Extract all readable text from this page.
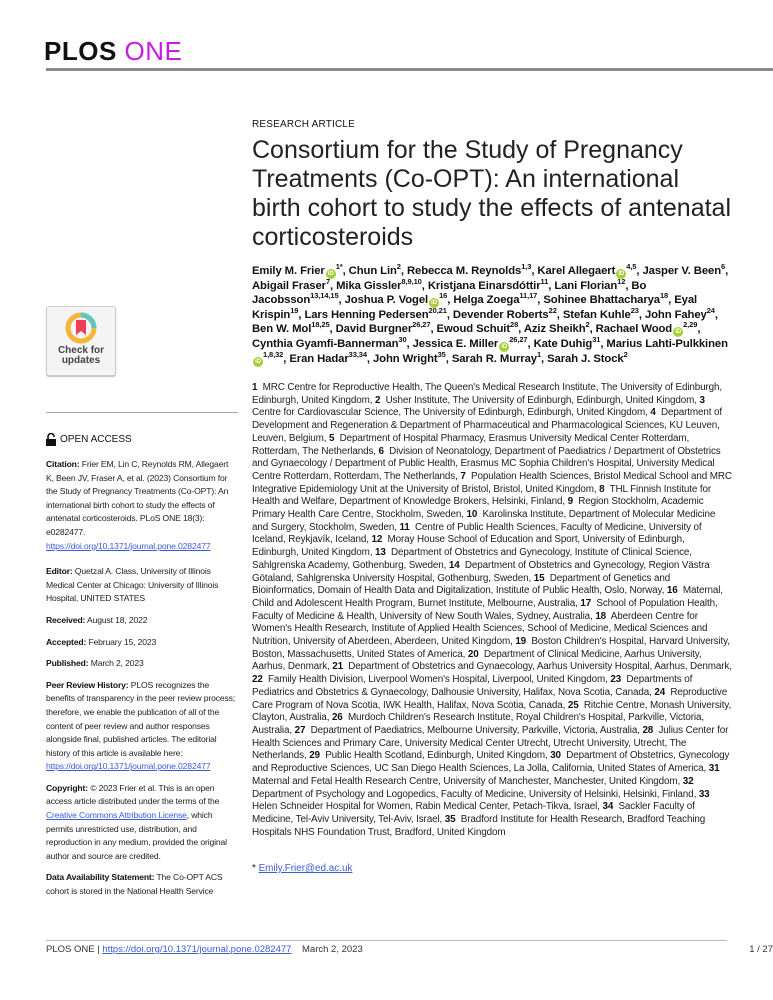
PLOS ONE
Check for updates
OPEN ACCESS

Citation: Frier EM, Lin C, Reynolds RM, Allegaert K, Been JV, Fraser A, et al. (2023) Consortium for the Study of Pregnancy Treatments (Co-OPT): An international birth cohort to study the effects of antenatal corticosteroids. PLoS ONE 18(3): e0282477. https://doi.org/10.1371/journal.pone.0282477

Editor: Quetzal A. Class, University of Illinois Medical Center at Chicago: University of Illinois Hospital, UNITED STATES

Received: August 18, 2022

Accepted: February 15, 2023

Published: March 2, 2023

Peer Review History: PLOS recognizes the benefits of transparency in the peer review process; therefore, we enable the publication of all of the content of peer review and author responses alongside final, published articles. The editorial history of this article is available here: https://doi.org/10.1371/journal.pone.0282477

Copyright: © 2023 Frier et al. This is an open access article distributed under the terms of the Creative Commons Attribution License, which permits unrestricted use, distribution, and reproduction in any medium, provided the original author and source are credited.

Data Availability Statement: The Co-OPT ACS cohort is stored in the National Health Service

RESEARCH ARTICLE
Consortium for the Study of Pregnancy Treatments (Co-OPT): An international birth cohort to study the effects of antenatal corticosteroids
Emily M. Frier $iD^{1*}$, Chun Lin$^2$, Rebecca M. Reynolds$^{1,3}$, Karel Allegaert iD$^{4,5}$, Jasper V. Been$^6$, Abigail Fraser$^7$, Mika Gissler$^{8,9,10}$, Kristjana Einarsdóttir$^{11}$, Lani Florian$^{12}$, Bo Jacobsson$^{13,14,15}$, Joshua P. Vogel $iD^{16}$, Helga Zoega$^{11,17}$, Sohinee Bhattacharya$^{18}$, Eyal Krispin$^{19}$, Lars Henning Pedersen$^{20,21}$, Devender Roberts$^{22}$, Stefan Kuhle$^{23}$, John Fahey$^{24}$, Ben W. Mol$^{18,25}$, David Burgner$^{26,27}$, Ewoud Schuit$^{28}$, Aziz Sheikh$^2$, Rachael Wood iD$^{2,29}$, Cynthia Gyamfi-Bannerman$^{30}$, Jessica E. Miller iD$^{26,27}$, Kate Duhig$^{31}$, Marius Lahti-PulkkineniD$^{1,8,32}$, Eran Hadar$^{33,34}$, John Wright$^{35}$, Sarah R. Murray$^1$, Sarah J. Stock$^2$
1 MRC Centre for Reproductive Health, The Queen's Medical Research Institute, The University of Edinburgh, Edinburgh, United Kingdom, 2 Usher Institute, The University of Edinburgh, Edinburgh, United Kingdom, 3  Centre for Cardiovascular Science, The University of Edinburgh, Edinburgh, United Kingdom, 4 Department of Development and Regeneration & Department of Pharmaceutical and Pharmacological Sciences, KU Leuven, Leuven, Belgium, 5 Department of Hospital Pharmacy, Erasmus University Medical Center Rotterdam, Rotterdam, The Netherlands, 6 Division of Neonatology, Department of Paediatrics / Department of Obstetrics and Gynaecology / Department of Public Health, Erasmus MC Sophia Children's Hospital, University Medical Centre Rotterdam, Rotterdam, The Netherlands, 7 Population Health Sciences, Bristol Medical School and MRC Integrative Epidemiology Unit at the University of Bristol, Bristol, United Kingdom, 8 THL Finnish Institute for Health and Welfare, Department of Knowledge Brokers, Helsinki, Finland, 9 Region Stockholm, Academic Primary Health Care Centre, Stockholm, Sweden, 10 Karolinska Institute, Department of Molecular Medicine and Surgery, Stockholm, Sweden, 11 Centre of Public Health Sciences, Faculty of Medicine, University of Iceland, Reykjavík, Iceland, 12 Moray House School of Education and Sport, University of Edinburgh, Edinburgh, United Kingdom, 13 Department of Obstetrics and Gynecology, Institute of Clinical Science, Sahlgrenska Academy, Gothenburg, Sweden, 14 Department of Obstetrics and Gynecology, Region Västra Götaland, Sahlgrenska University Hospital, Gothenburg, Sweden, 15 Department of Genetics and Bioinformatics, Domain of Health Data and Digitalization, Institute of Public Health, Oslo, Norway, 16 Maternal, Child and Adolescent Health Program, Burnet Institute, Melbourne, Australia, 17 School of Population Health, Faculty of Medicine & Health, University of New South Wales, Sydney, Australia, 18 Aberdeen Centre for Women's Health Research, Institute of Applied Health Sciences, School of Medicine, Medical Sciences and Nutrition, University of Aberdeen, Aberdeen, United Kingdom, 19 Boston Children's Hospital, Harvard University, Boston, Massachusetts, United States of America, 20 Department of Clinical Medicine, Aarhus University, Aarhus, Denmark, 21 Department of Obstetrics and Gynaecology, Aarhus University Hospital, Aarhus, Denmark, 22 Family Health Division, Liverpool Women's Hospital, Liverpool, United Kingdom, 23 Departments of Pediatrics and Obstetrics & Gynaecology, Dalhousie University, Halifax, Nova Scotia, Canada, 24 Reproductive Care Program of Nova Scotia, IWK Health, Halifax, Nova Scotia, Canada, 25 Ritchie Centre, Monash University, Clayton, Australia, 26 Murdoch Children's Research Institute, Royal Children's Hospital, Parkville, Victoria, Australia, 27 Department of Paediatrics, Melbourne University, Parkville, Victoria, Australia, 28 Julius Center for Health Sciences and Primary Care, University Medical Center Utrecht, Utrecht University, Utrecht, The Netherlands, 29 Public Health Scotland, Edinburgh, United Kingdom, 30 Department of Obstetrics, Gynecology and Reproductive Sciences, UC San Diego Health Sciences, La Jolla, California, United States of America, 31  Maternal and Fetal Health Research Centre, University of Manchester, Manchester, United Kingdom, 32  Department of Psychology and Logopedics, Faculty of Medicine, University of Helsinki, Helsinki, Finland, 33  Helen Schneider Hospital for Women, Rabin Medical Center, Petach-Tikva, Israel, 34 Sackler Faculty of Medicine, Tel-Aviv University, Tel-Aviv, Israel, 35 Bradford Institute for Health Research, Bradford Teaching Hospitals NHS Foundation Trust, Bradford, United Kingdom
* Emily.Frier@ed.ac.uk
PLOS ONE | https://doi.org/10.1371/journal.pone.0282477 March 2, 2023	1 / 27
